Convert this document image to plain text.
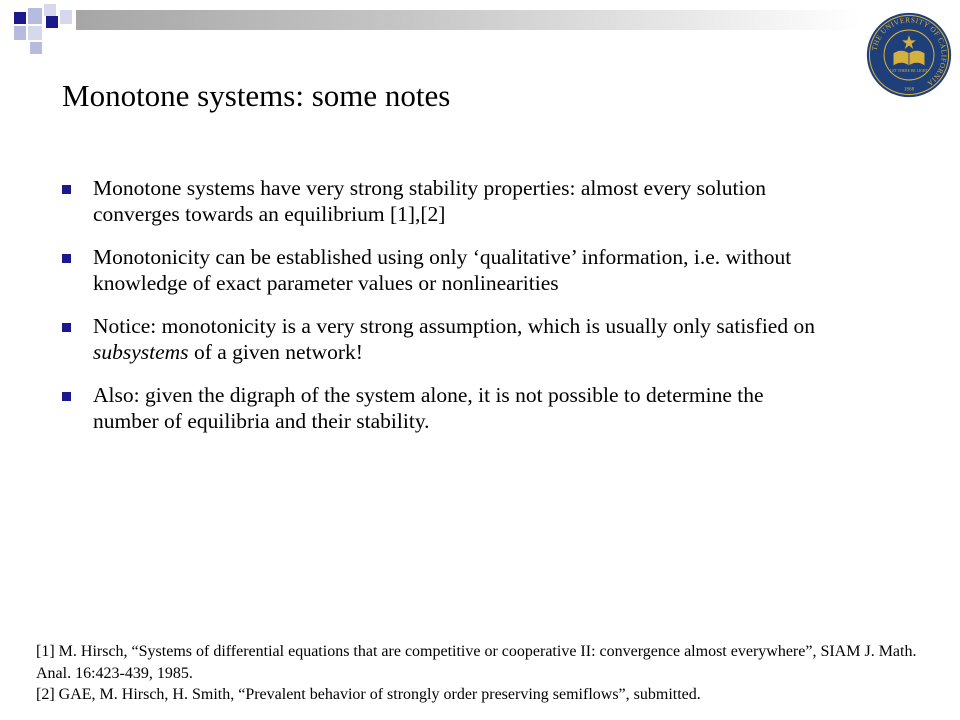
THE UNIVERSITY OF CALIFORNIA
LET THERE BE LIGHT
1868
Monotone systems: some notes
Monotone systems have very strong stability properties: almost every solution converges towards an equilibrium [1],[2]
Monotonicity can be established using only ‘qualitative’ information, i.e. without knowledge of exact parameter values or nonlinearities
Notice: monotonicity is a very strong assumption, which is usually only satisfied on subsystems of a given network!
Also: given the digraph of the system alone, it is not possible to determine the number of equilibria and their stability.

[1] M. Hirsch, “Systems of differential equations that are competitive or cooperative II: convergence almost everywhere”, SIAM J. Math. Anal. 16:423-439, 1985.

[2] GAE, M. Hirsch, H. Smith, “Prevalent behavior of strongly order preserving semiflows”, submitted.
